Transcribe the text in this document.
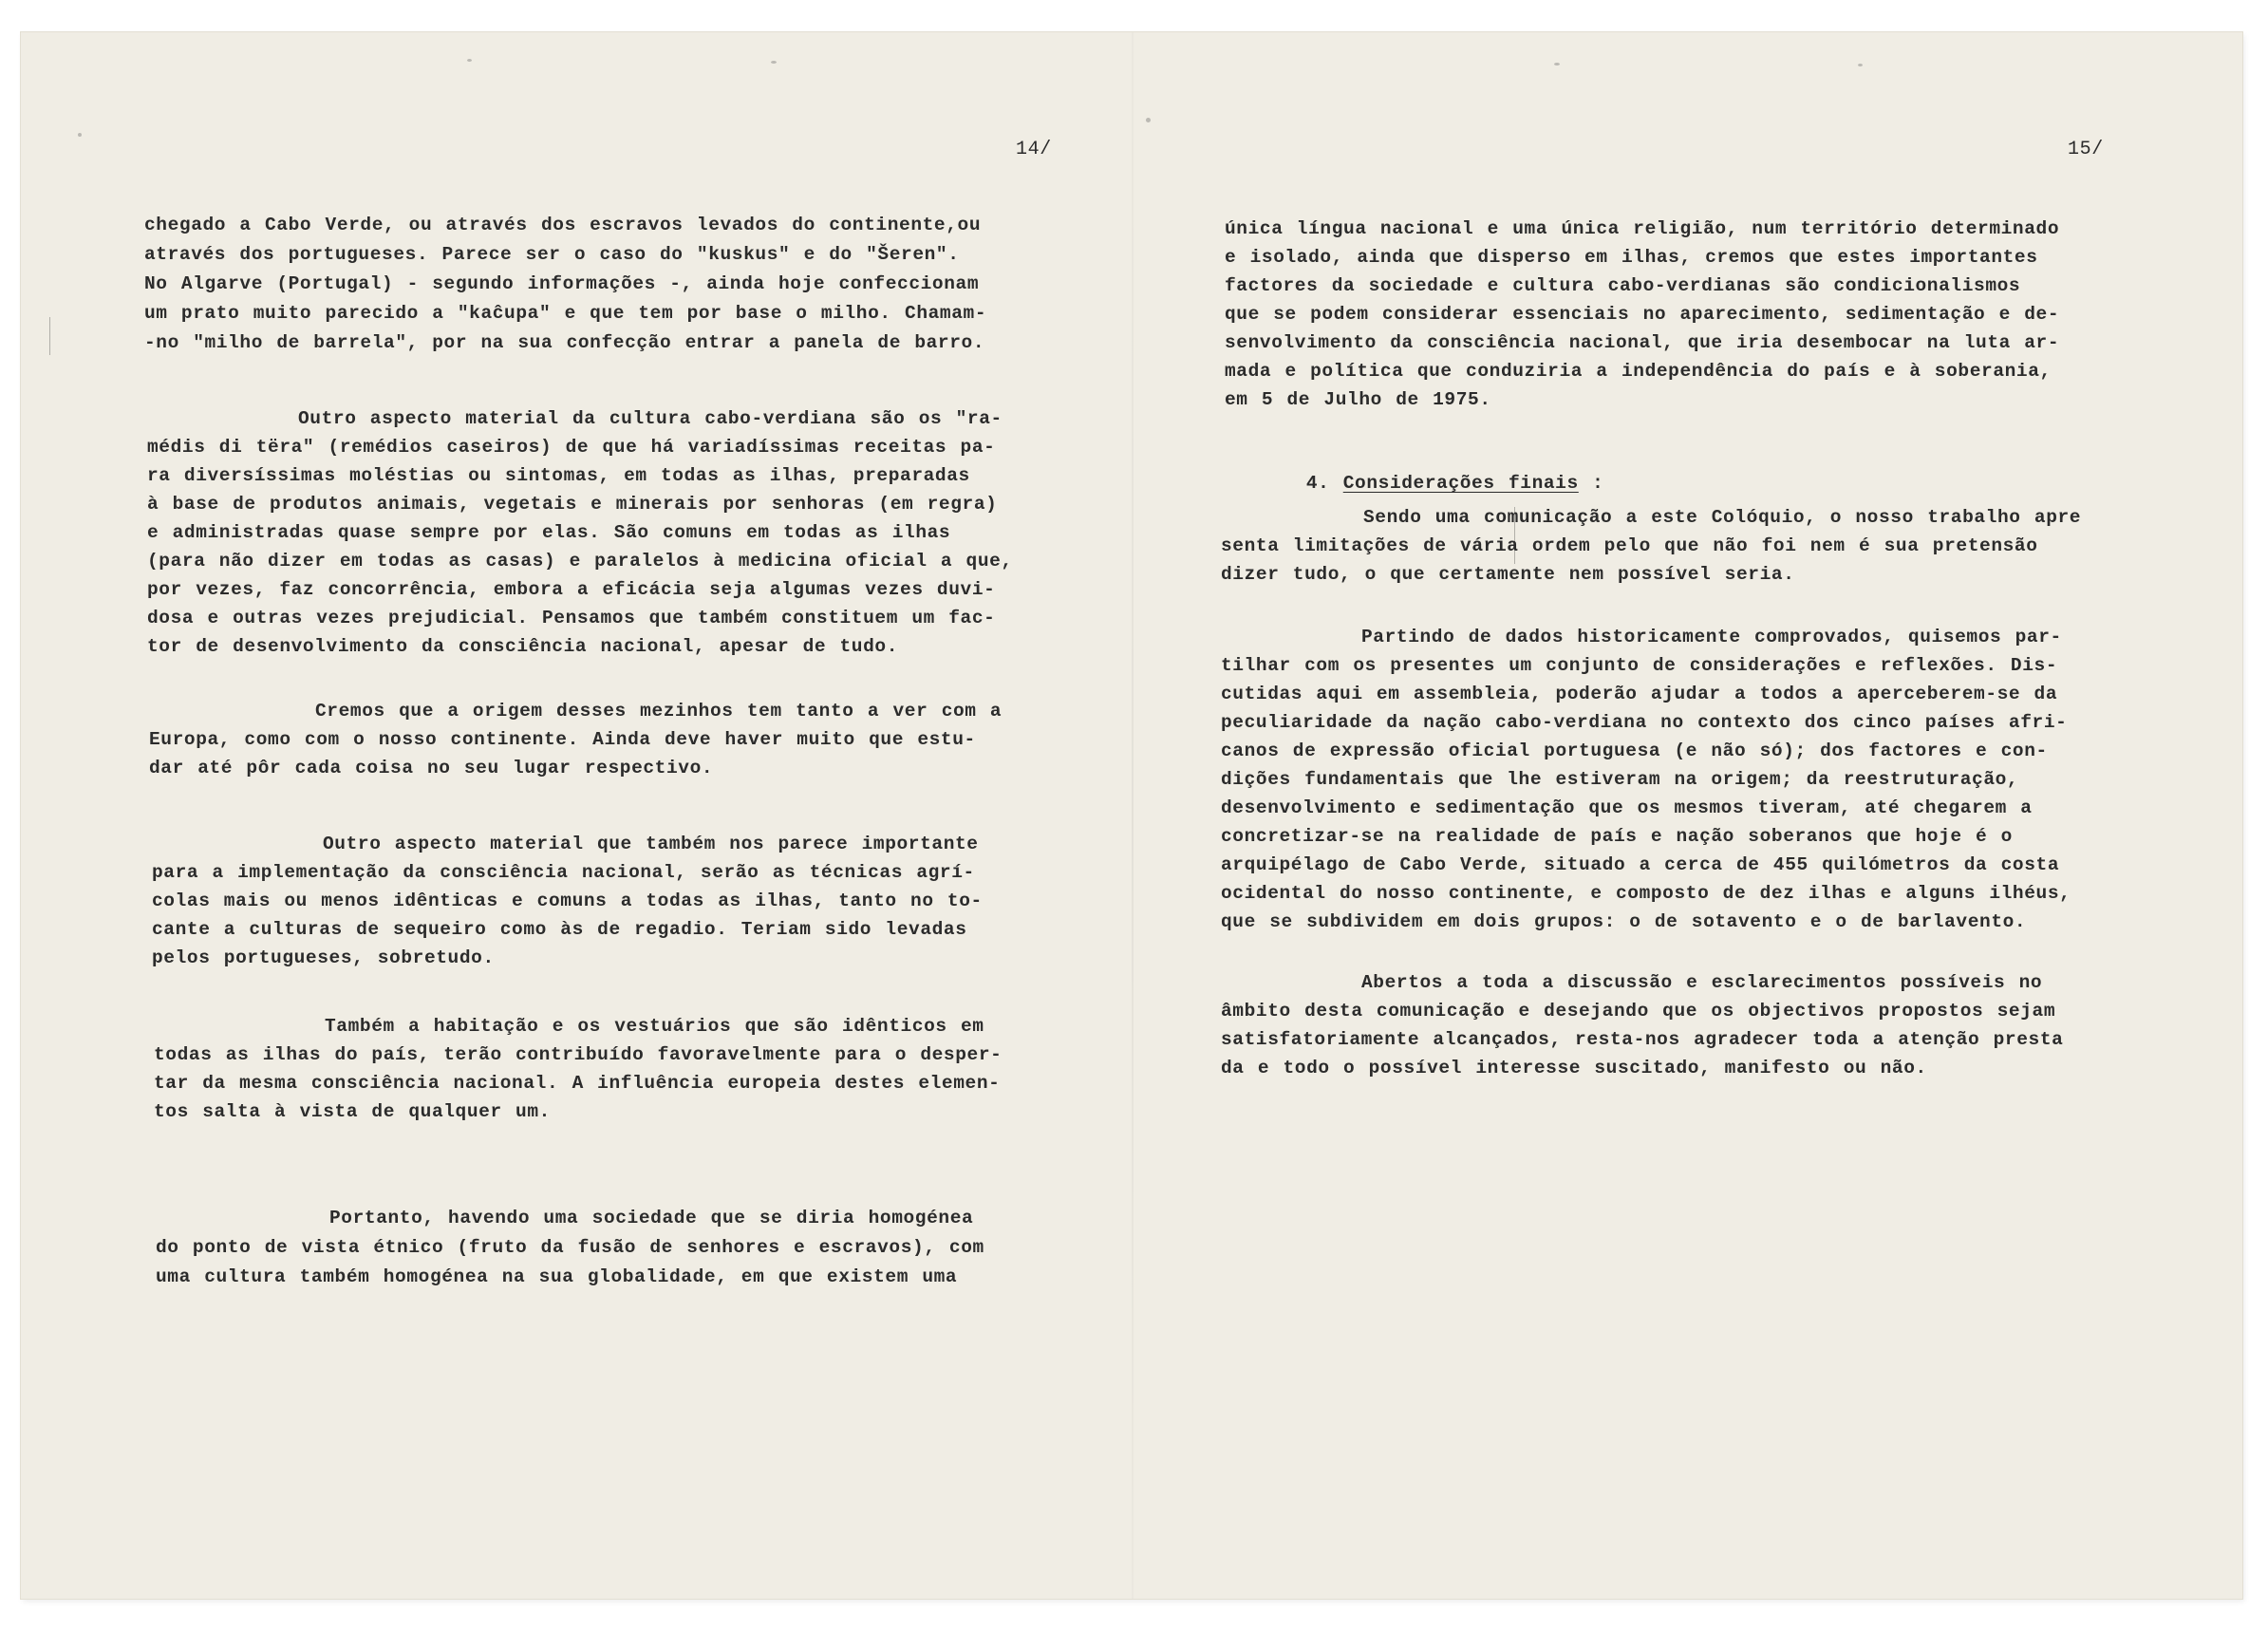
14/
chegado a Cabo Verde, ou através dos escravos levados do continente,ou
através dos portugueses. Parece ser o caso do "kuskus" e do "Šeren".
No Algarve (Portugal) - segundo informações -, ainda hoje confeccionam
um prato muito parecido a "kaĉupa" e que tem por base o milho. Chamam-
-no "milho de barrela", por na sua confecção entrar a panela de barro.
Outro aspecto material da cultura cabo-verdiana são os "ra-
médis di tëra" (remédios caseiros) de que há variadíssimas receitas pa-
ra diversíssimas moléstias ou sintomas, em todas as ilhas, preparadas
à base de produtos animais, vegetais e minerais por senhoras (em regra)
e administradas quase sempre por elas. São comuns em todas as ilhas
(para não dizer em todas as casas) e paralelos à medicina oficial a que,
por vezes, faz concorrência, embora a eficácia seja algumas vezes duvi-
dosa e outras vezes prejudicial. Pensamos que também constituem um fac-
tor de desenvolvimento da consciência nacional, apesar de tudo.
Cremos que a origem desses mezinhos tem tanto a ver com a
Europa, como com o nosso continente. Ainda deve haver muito que estu-
dar até pôr cada coisa no seu lugar respectivo.
Outro aspecto material que também nos parece importante
para a implementação da consciência nacional, serão as técnicas agrí-
colas mais ou menos idênticas e comuns a todas as ilhas, tanto no to-
cante a culturas de sequeiro como às de regadio. Teriam sido levadas
pelos portugueses, sobretudo.
Também a habitação e os vestuários que são idênticos em
todas as ilhas do país, terão contribuído favoravelmente para o desper-
tar da mesma consciência nacional. A influência europeia destes elemen-
tos salta à vista de qualquer um.
Portanto, havendo uma sociedade que se diria homogénea
do ponto de vista étnico (fruto da fusão de senhores e escravos), com
uma cultura também homogénea na sua globalidade, em que existem uma
15/
única língua nacional e uma única religião, num território determinado
e isolado, ainda que disperso em ilhas, cremos que estes importantes
factores da sociedade e cultura cabo-verdianas são condicionalismos
que se podem considerar essenciais no aparecimento, sedimentação e de-
senvolvimento da consciência nacional, que iria desembocar na luta ar-
mada e política que conduziria a independência do país e à soberania,
em 5 de Julho de 1975.

4. Considerações finais :

Sendo uma comunicação a este Colóquio, o nosso trabalho apre
senta limitações de vária ordem pelo que não foi nem é sua pretensão
dizer tudo, o que certamente nem possível seria.
Partindo de dados historicamente comprovados, quisemos par-
tilhar com os presentes um conjunto de considerações e reflexões. Dis-
cutidas aqui em assembleia, poderão ajudar a todos a aperceberem-se da
peculiaridade da nação cabo-verdiana no contexto dos cinco países afri-
canos de expressão oficial portuguesa (e não só); dos factores e con-
dições fundamentais que lhe estiveram na origem; da reestruturação,
desenvolvimento e sedimentação que os mesmos tiveram, até chegarem a
concretizar-se na realidade de país e nação soberanos que hoje é o
arquipélago de Cabo Verde, situado a cerca de 455 quilómetros da costa
ocidental do nosso continente, e composto de dez ilhas e alguns ilhéus,
que se subdividem em dois grupos: o de sotavento e o de barlavento.
Abertos a toda a discussão e esclarecimentos possíveis no
âmbito desta comunicação e desejando que os objectivos propostos sejam
satisfatoriamente alcançados, resta-nos agradecer toda a atenção presta
da e todo o possível interesse suscitado, manifesto ou não.
